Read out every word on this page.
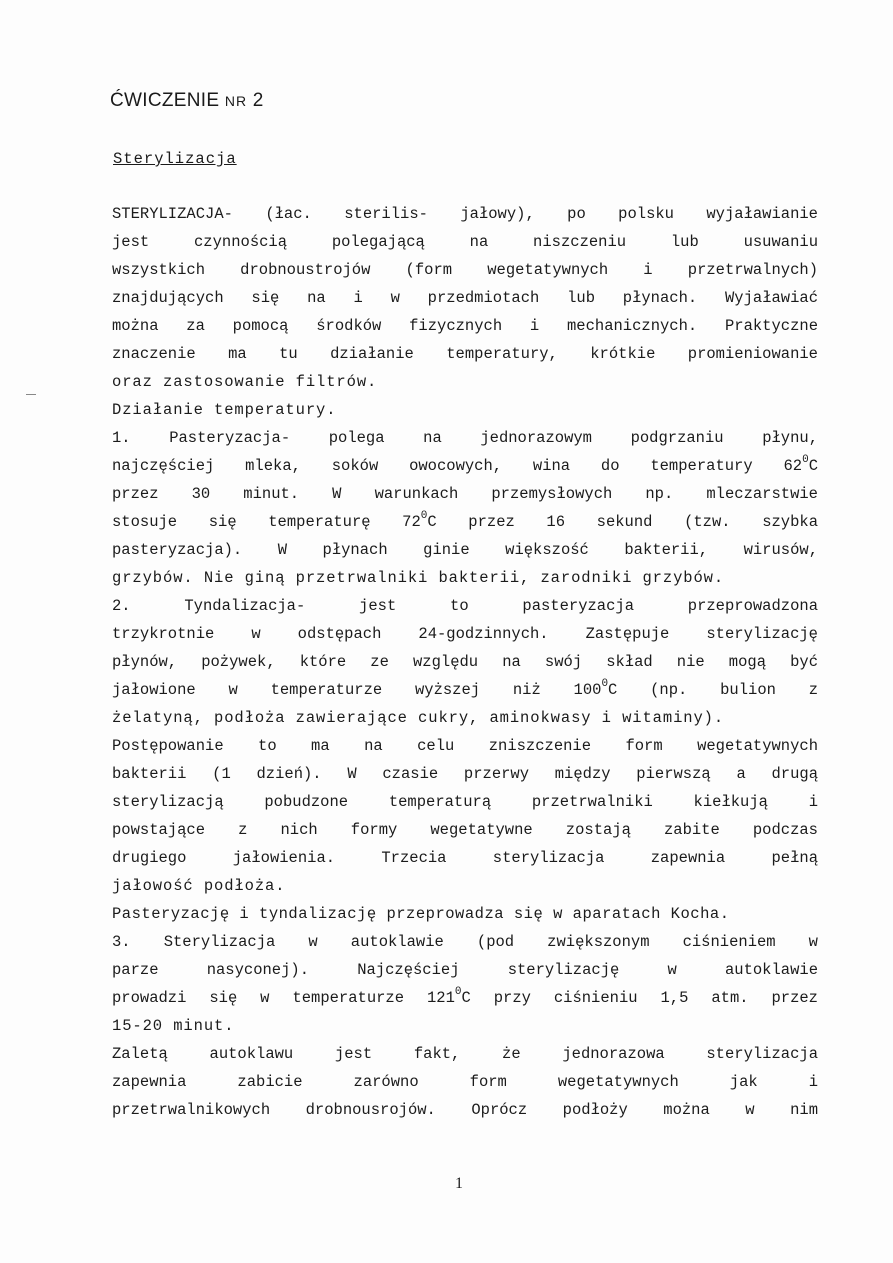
ĆWICZENIE NR 2
Sterylizacja
STERYLIZACJA- (łac. sterilis- jałowy), po polsku wyjaławianie
jest czynnością polegającą na niszczeniu lub usuwaniu
wszystkich drobnoustrojów (form wegetatywnych i przetrwalnych)
znajdujących się na i w przedmiotach lub płynach. Wyjaławiać
można za pomocą środków fizycznych i mechanicznych. Praktyczne
znaczenie ma tu działanie temperatury, krótkie promieniowanie
oraz zastosowanie filtrów.
Działanie temperatury.
1. Pasteryzacja- polega na jednorazowym podgrzaniu płynu,
najczęściej mleka, soków owocowych, wina do temperatury $62^0C$
przez 30 minut. W warunkach przemysłowych np. mleczarstwie
stosuje się temperaturę $72^0C$ przez 16 sekund (tzw. szybka
pasteryzacja). W płynach ginie większość bakterii, wirusów,
grzybów. Nie giną przetrwalniki bakterii, zarodniki grzybów.
2. Tyndalizacja- jest to pasteryzacja przeprowadzona
trzykrotnie w odstępach 24-godzinnych. Zastępuje sterylizację
płynów, pożywek, które ze względu na swój skład nie mogą być
jałowione w temperaturze wyższej niż $100^0C$ (np. bulion z
żelatyną, podłoża zawierające cukry, aminokwasy i witaminy).
Postępowanie to ma na celu zniszczenie form wegetatywnych
bakterii (1 dzień). W czasie przerwy między pierwszą a drugą
sterylizacją pobudzone temperaturą przetrwalniki kiełkują i
powstające z nich formy wegetatywne zostają zabite podczas
drugiego jałowienia. Trzecia sterylizacja zapewnia pełną
jałowość podłoża.
Pasteryzację i tyndalizację przeprowadza się w aparatach Kocha.
3. Sterylizacja w autoklawie (pod zwiększonym ciśnieniem w
parze nasyconej). Najczęściej sterylizację w autoklawie
prowadzi się w temperaturze $121^0C$ przy ciśnieniu 1,5 atm. przez
15-20 minut.
Zaletą autoklawu jest fakt, że jednorazowa sterylizacja
zapewnia zabicie zarówno form wegetatywnych jak i
przetrwalnikowych drobnousrojów. Oprócz podłoży można w nim
1
